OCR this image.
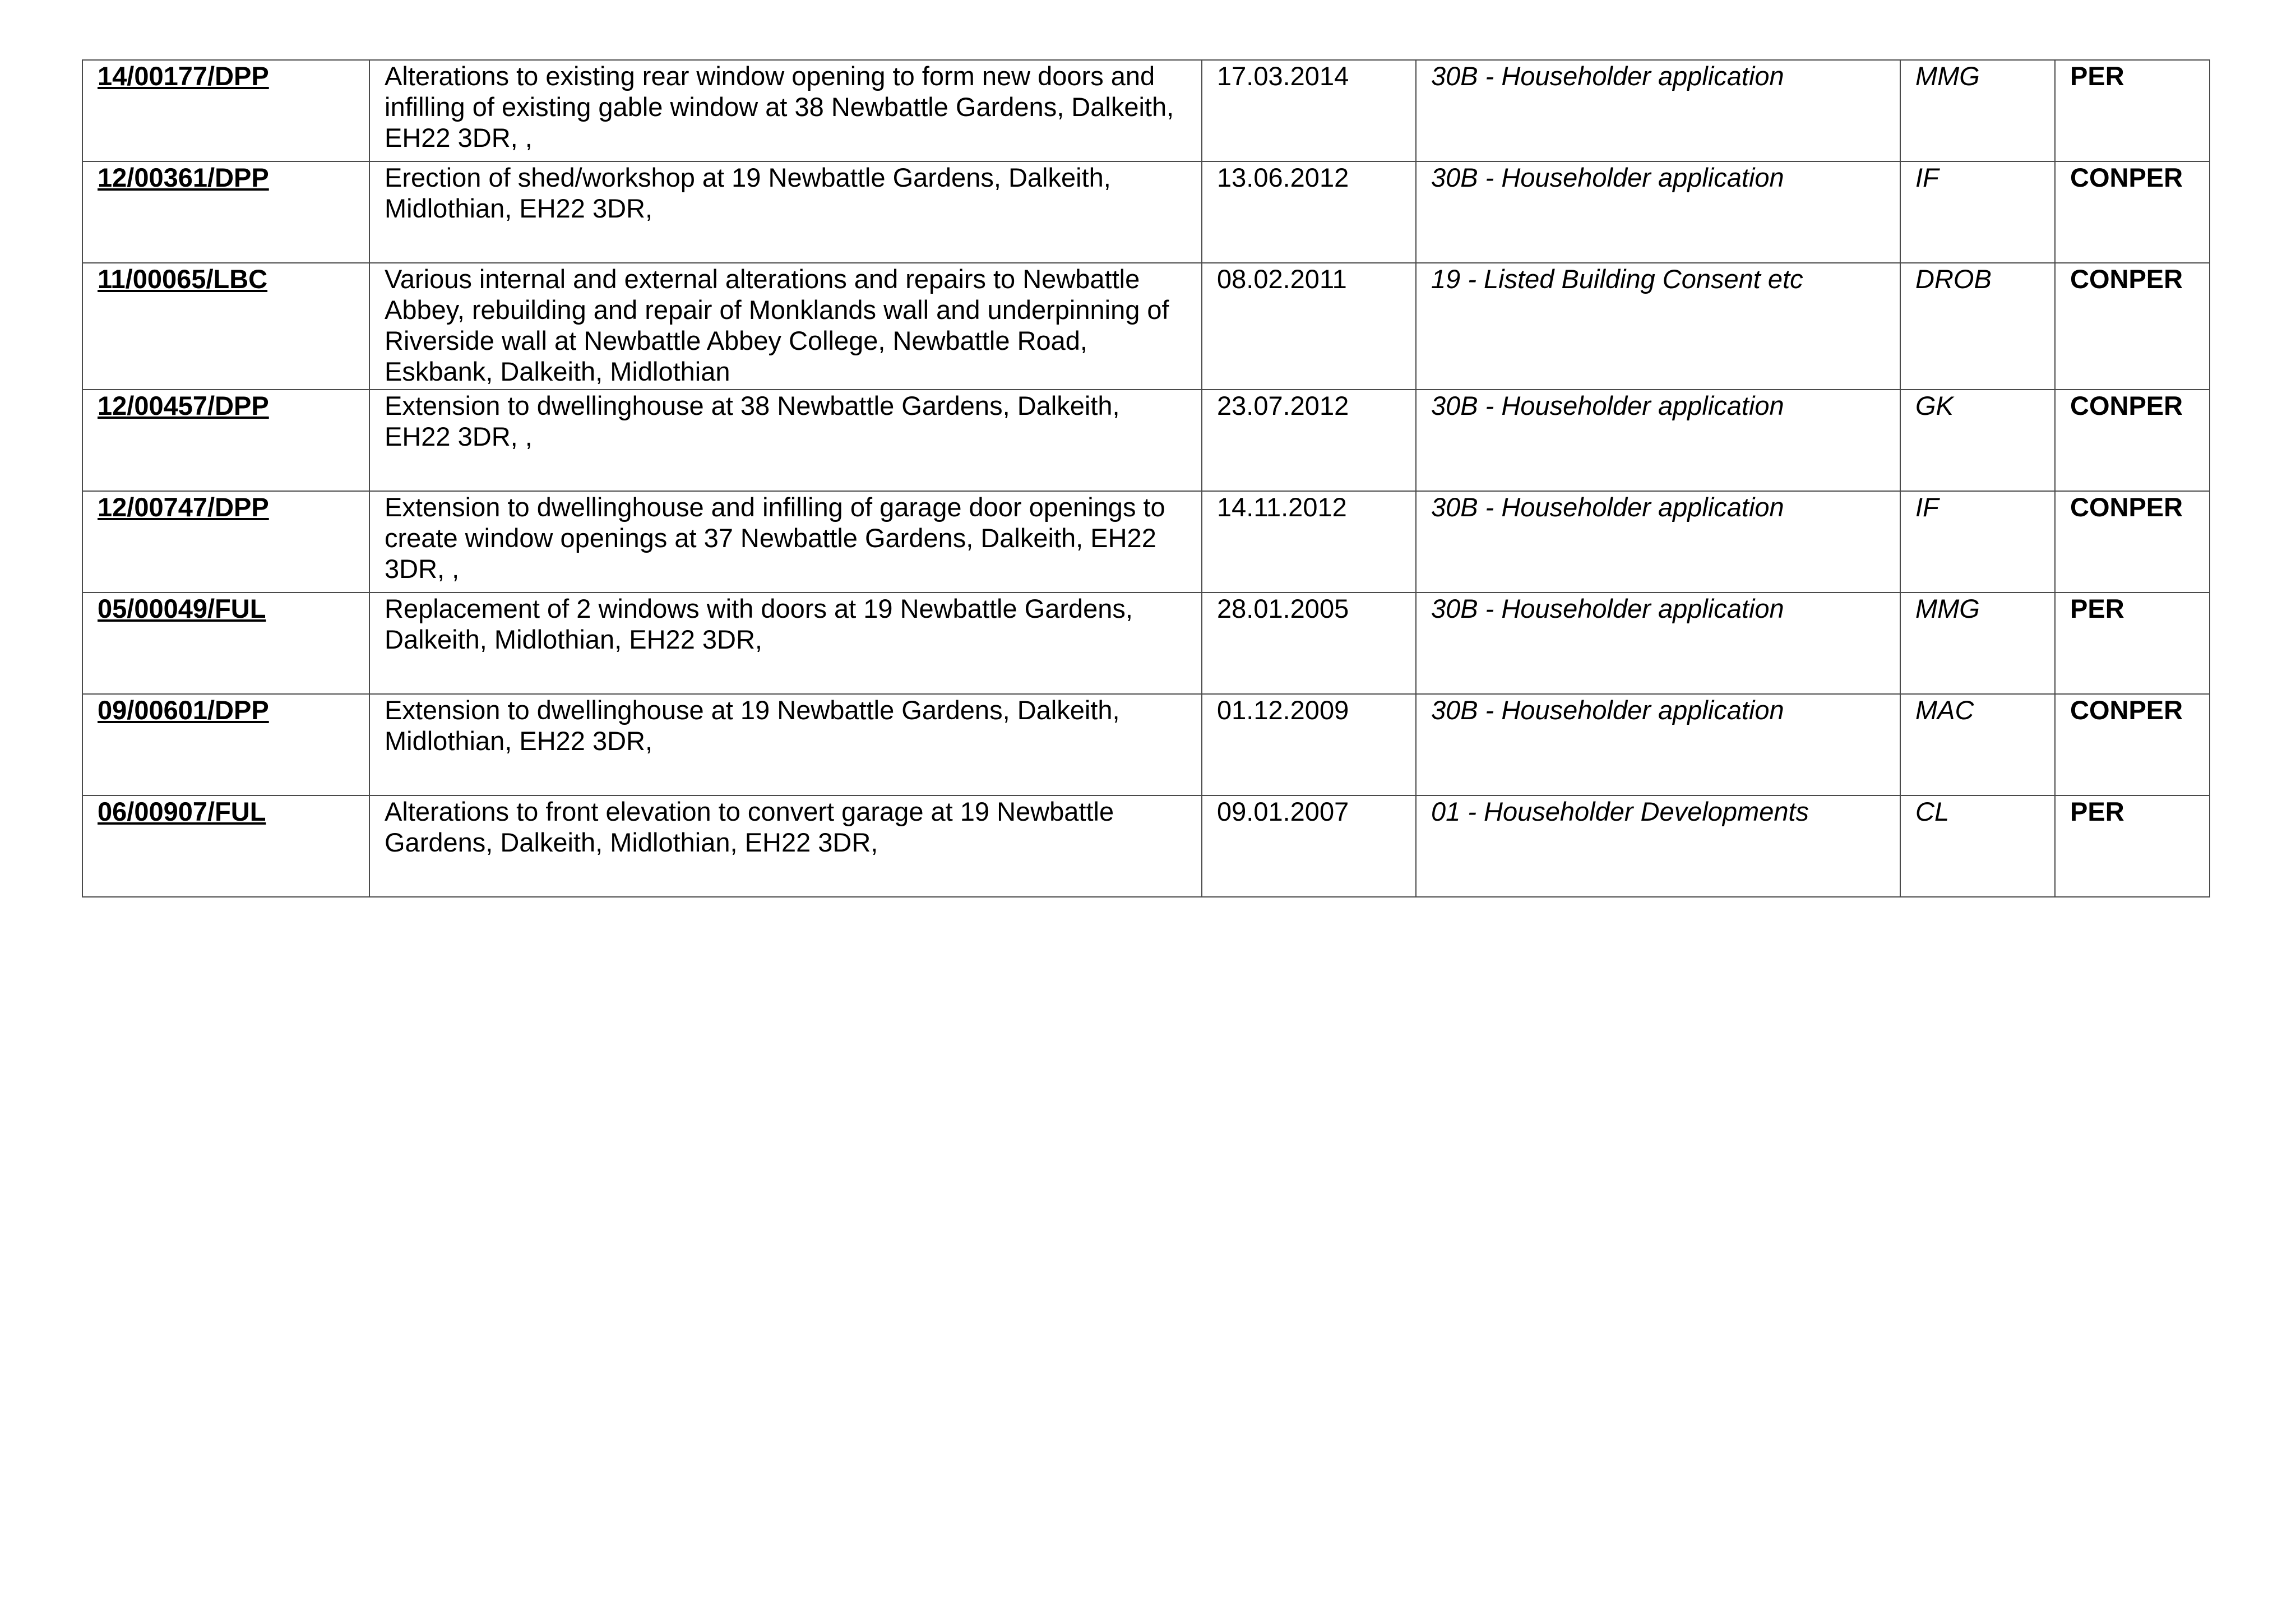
14/00177/DPP	Alterations to existing rear window opening to form new doors and infilling of existing gable window at 38 Newbattle Gardens, Dalkeith, EH22 3DR, ,	17.03.2014	30B - Householder application	MMG	PER
12/00361/DPP	Erection of shed/workshop at 19 Newbattle Gardens, Dalkeith, Midlothian, EH22 3DR,	13.06.2012	30B - Householder application	IF	CONPER
11/00065/LBC	Various internal and external alterations and repairs to Newbattle Abbey, rebuilding and repair of Monklands wall and underpinning of Riverside wall at Newbattle Abbey College, Newbattle Road, Eskbank, Dalkeith, Midlothian	08.02.2011	19 - Listed Building Consent etc	DROB	CONPER
12/00457/DPP	Extension to dwellinghouse at 38 Newbattle Gardens, Dalkeith, EH22 3DR, ,	23.07.2012	30B - Householder application	GK	CONPER
12/00747/DPP	Extension to dwellinghouse and infilling of garage door openings to create window openings at 37 Newbattle Gardens, Dalkeith, EH22 3DR, ,	14.11.2012	30B - Householder application	IF	CONPER
05/00049/FUL	Replacement of 2 windows with doors at 19 Newbattle Gardens, Dalkeith, Midlothian, EH22 3DR,	28.01.2005	30B - Householder application	MMG	PER
09/00601/DPP	Extension to dwellinghouse at 19 Newbattle Gardens, Dalkeith, Midlothian, EH22 3DR,	01.12.2009	30B - Householder application	MAC	CONPER
06/00907/FUL	Alterations to front elevation to convert garage at 19 Newbattle Gardens, Dalkeith, Midlothian, EH22 3DR,	09.01.2007	01 - Householder Developments	CL	PER
